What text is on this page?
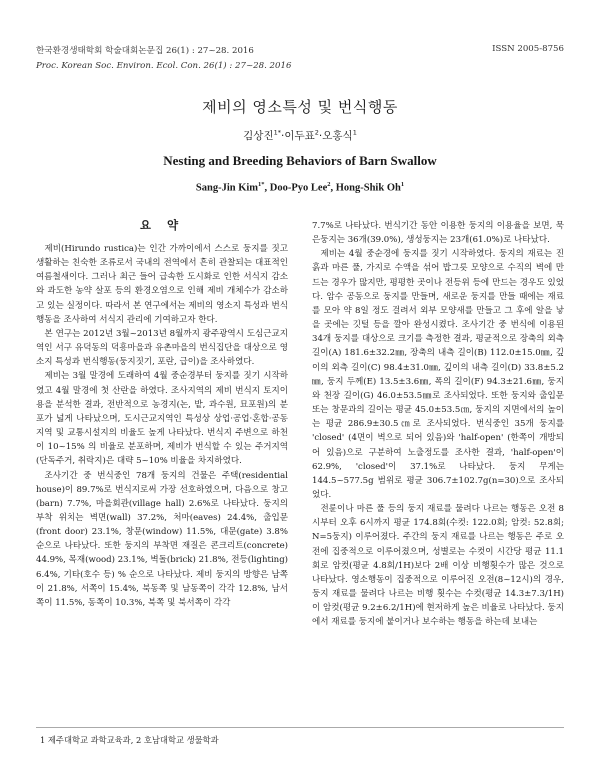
한국환경생태학회 학술대회논문집 26(1) : 27~28. 2016
Proc. Korean Soc. Environ. Ecol. Con. 26(1) : 27~28. 2016
ISSN 2005-8756
제비의 영소특성 및 번식행동
김상진$^{1*}$·이두표$^2$·오홍식$^1$
Nesting and Breeding Behaviors of Barn Swallow
Sang-Jin Kim$^{1*}$, Doo-Pyo Lee$^2$, Hong-Shik Oh$^1$
요 약

제비(Hirundo rustica)는 인간 가까이에서 스스로 둥지를 짓고 생활하는 친숙한 조류로서 국내의 전역에서 흔히 관찰되는 대표적인 여름철새이다. 그러나 최근 들어 급속한 도시화로 인한 서식지 감소와 과도한 농약 살포 등의 환경오염으로 인해 제비 개체수가 감소하고 있는 실정이다. 따라서 본 연구에서는 제비의 영소지 특성과 번식행동을 조사하여 서식지 관리에 기여하고자 한다.

본 연구는 2012년 3월~2013년 8월까지 광주광역시 도심근교지역인 서구 유덕동의 덕흥마을과 유촌마을의 번식집단을 대상으로 영소지 특성과 번식행동(둥지짓기, 포란, 급이)을 조사하였다.

제비는 3월 말경에 도래하여 4월 중순경부터 둥지를 짓기 시작하였고 4월 말경에 첫 산란을 하였다. 조사지역의 제비 번식지 토지이용을 분석한 결과, 전반적으로 농경지(논, 밭, 과수원, 묘포원)의 분포가 넓게 나타났으며, 도시근교지역인 특성상 상업·공업·혼합·공동지역 및 교통시설지의 비율도 높게 나타났다. 번식지 주변으로 하천이 10~15% 의 비율로 분포하며, 제비가 번식할 수 있는 주거지역(단독주거, 취락지)은 대략 5~10% 비율을 차지하였다.

조사기간 중 번식중인 78개 둥지의 건물은 주택(residential house)이 89.7%로 번식지로써 가장 선호하였으며, 다음으로 창고(barn) 7.7%, 마을회관(village hall) 2.6%로 나타났다. 둥지의 부착 위치는 벽면(wall) 37.2%, 처마(eaves) 24.4%, 출입문(front door) 23.1%, 창문(window) 11.5%, 대문(gate) 3.8% 순으로 나타났다. 또한 둥지의 부착면 재질은 콘크리트(concrete) 44.9%, 목재(wood) 23.1%, 벽돌(brick) 21.8%, 전등(lighting) 6.4%, 기타(호수 등) % 순으로 나타났다. 제비 둥지의 방향은 남쪽이 21.8%, 서쪽이 15.4%, 북동쪽 및 남동쪽이 각각 12.8%, 남서쪽이 11.5%, 동쪽이 10.3%, 북쪽 및 북서쪽이 각각

7.7%로 나타났다. 번식기간 동안 이용한 둥지의 이용율을 보면, 묵은둥지는 36개(39.0%), 생성둥지는 23개(61.0%)로 나타났다.

제비는 4월 중순경에 둥지를 짓기 시작하였다. 둥지의 재료는 진흙과 마른 풀, 가지로 수액을 섞어 밥그릇 모양으로 수직의 벽에 만드는 경우가 많지만, 평평한 곳이나 전등위 등에 만드는 경우도 있었다. 암수 공동으로 둥지를 만들며, 새로운 둥지를 만들 때에는 재료를 모아 약 8일 정도 걸려서 외부 모양새를 만들고 그 후에 알을 낳을 곳에는 깃털 등을 깔아 완성시켰다. 조사기간 중 번식에 이용된 34개 둥지를 대상으로 크기를 측정한 결과, 평균적으로 장축의 외측 길이(A) 181.6±32.2㎜, 장축의 내측 길이(B) 112.0±15.0㎜, 깊이의 외측 길이(C) 98.4±31.0㎜, 깊이의 내측 길이(D) 33.8±5.2㎜, 둥지 두께(E) 13.5±3.6㎜, 폭의 길이(F) 94.3±21.6㎜, 둥지와 천장 길이(G) 46.0±53.5㎜로 조사되었다. 또한 둥지와 출입문 또는 창문과의 길이는 평균 45.0±53.5㎝, 둥지의 지면에서의 높이는 평균 286.9±30.5㎝로 조사되었다. 번식중인 35개 둥지를 'closed' (4면이 벽으로 되어 있음)와 'half-open' (한쪽이 개방되어 있음)으로 구분하여 노출정도를 조사한 결과, 'half-open'이 62.9%, 'closed'이 37.1%로 나타났다. 둥지 무게는 144.5~577.5g 범위로 평균 306.7±102.7g(n=30)으로 조사되었다.

전륜이나 마른 풀 등의 둥지 재료를 물려다 나르는 행동은 오전 8시부터 오후 6시까지 평균 174.8회(수컷: 122.0회; 암컷: 52.8회; N=5둥지) 이루어졌다. 주간의 둥지 재료를 나르는 행동은 주로 오전에 집중적으로 이루어졌으며, 성별로는 수컷이 시간당 평균 11.1회로 암컷(평균 4.8회/1H)보다 2배 이상 비행횟수가 많은 것으로 나타났다. 영소행동이 집중적으로 이루어진 오전(8~12시)의 경우, 둥지 재료를 물려다 나르는 비행 횟수는 수컷(평균 14.3±7.3/1H)이 암컷(평균 9.2±6.2/1H)에 현저하게 높은 비율로 나타났다. 둥지에서 재료를 둥지에 붙이거나 보수하는 행동을 하는데 보내는

1 제주대학교 과학교육과, 2 호남대학교 생물학과
